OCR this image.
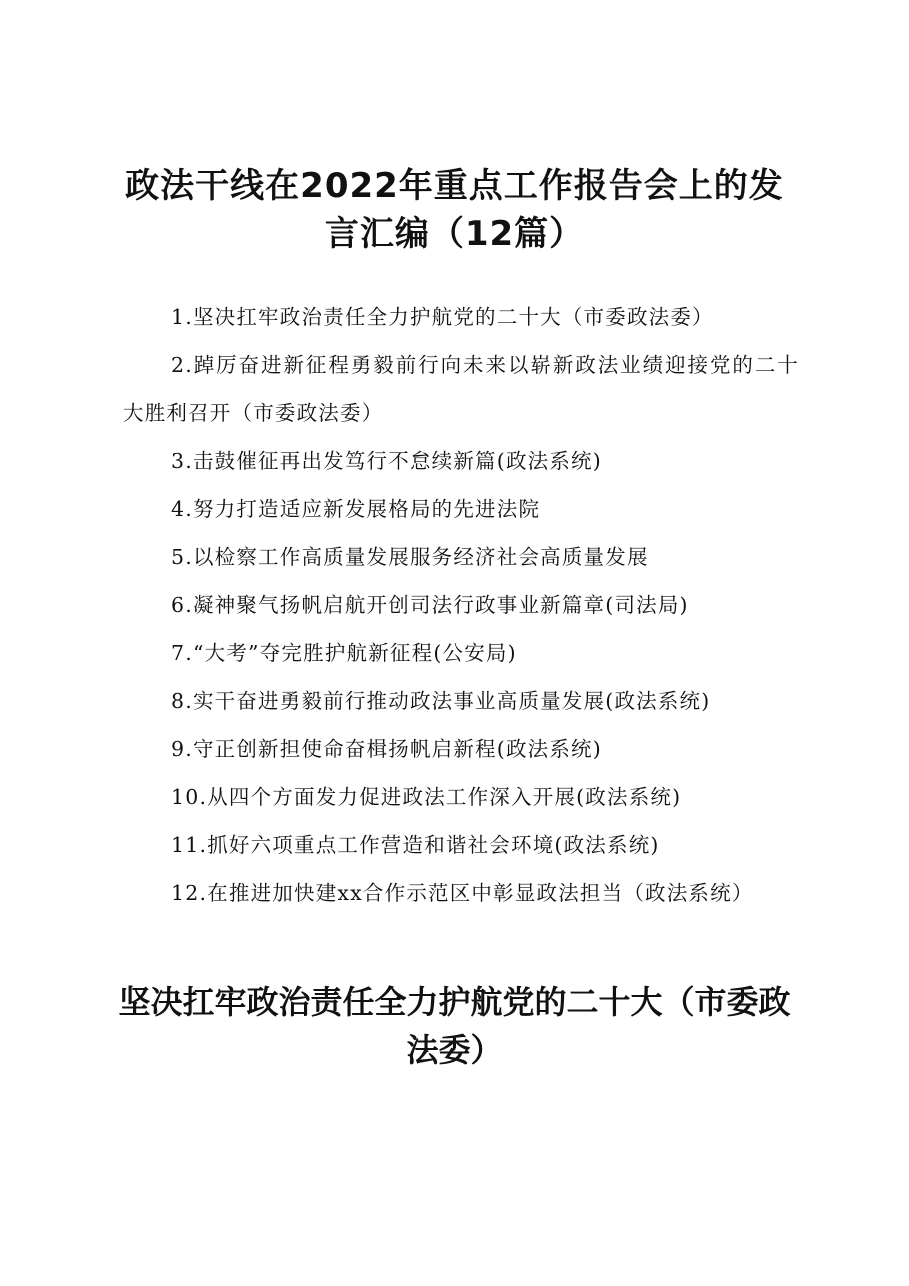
政法干线在2022年重点工作报告会上的发言汇编（12篇）
1.坚决扛牢政治责任全力护航党的二十大（市委政法委）
2.踔厉奋进新征程勇毅前行向未来以崭新政法业绩迎接党的二十大胜利召开（市委政法委）
3.击鼓催征再出发笃行不怠续新篇(政法系统)
4.努力打造适应新发展格局的先进法院
5.以检察工作高质量发展服务经济社会高质量发展
6.凝神聚气扬帆启航开创司法行政事业新篇章(司法局)
7.“大考”夺完胜护航新征程(公安局)
8.实干奋进勇毅前行推动政法事业高质量发展(政法系统)
9.守正创新担使命奋楫扬帆启新程(政法系统)
10.从四个方面发力促进政法工作深入开展(政法系统)
11.抓好六项重点工作营造和谐社会环境(政法系统)
12.在推进加快建xx合作示范区中彰显政法担当（政法系统）
坚决扛牢政治责任全力护航党的二十大（市委政法委）
